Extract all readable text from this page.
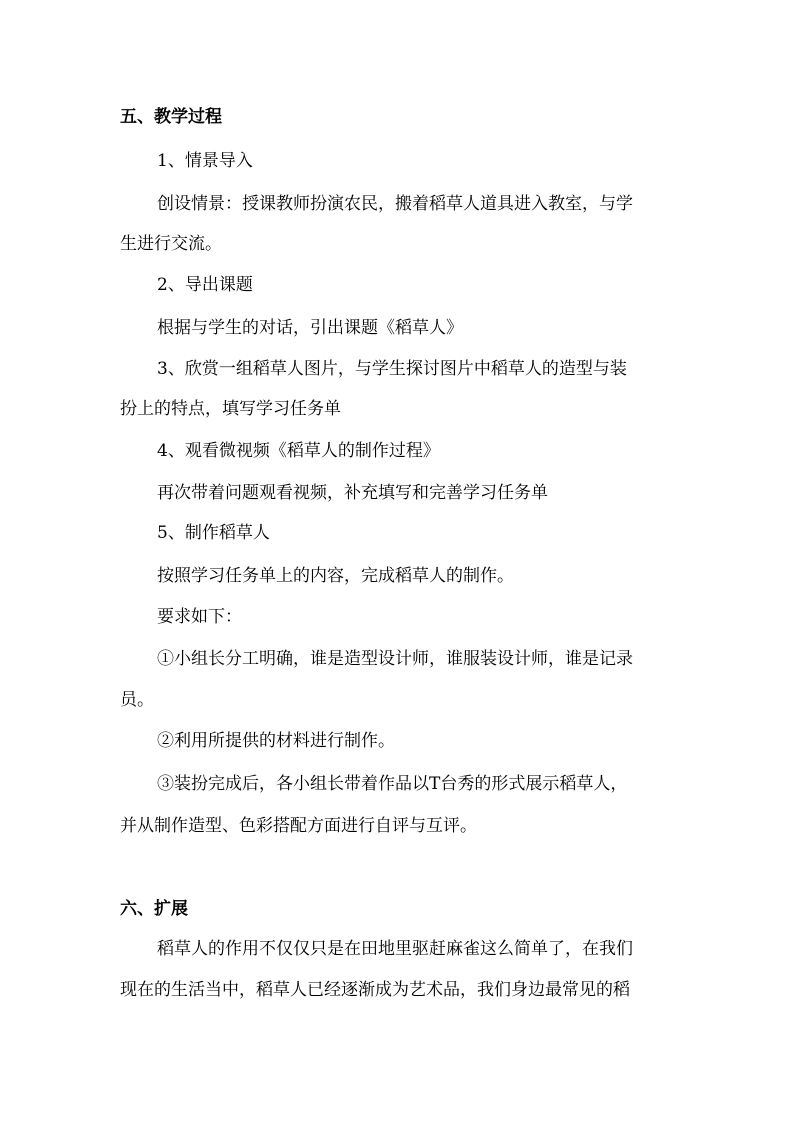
五、教学过程
1、情景导入
创设情景：授课教师扮演农民，搬着稻草人道具进入教室，与学
生进行交流。
2、导出课题
根据与学生的对话，引出课题《稻草人》
3、欣赏一组稻草人图片，与学生探讨图片中稻草人的造型与装
扮上的特点，填写学习任务单
4、观看微视频《稻草人的制作过程》
再次带着问题观看视频，补充填写和完善学习任务单
5、制作稻草人
按照学习任务单上的内容，完成稻草人的制作。
要求如下：
①小组长分工明确，谁是造型设计师，谁服装设计师，谁是记录
员。
②利用所提供的材料进行制作。
③装扮完成后，各小组长带着作品以T台秀的形式展示稻草人，
并从制作造型、色彩搭配方面进行自评与互评。
六、扩展
稻草人的作用不仅仅只是在田地里驱赶麻雀这么简单了，在我们
现在的生活当中，稻草人已经逐渐成为艺术品，我们身边最常见的稻
